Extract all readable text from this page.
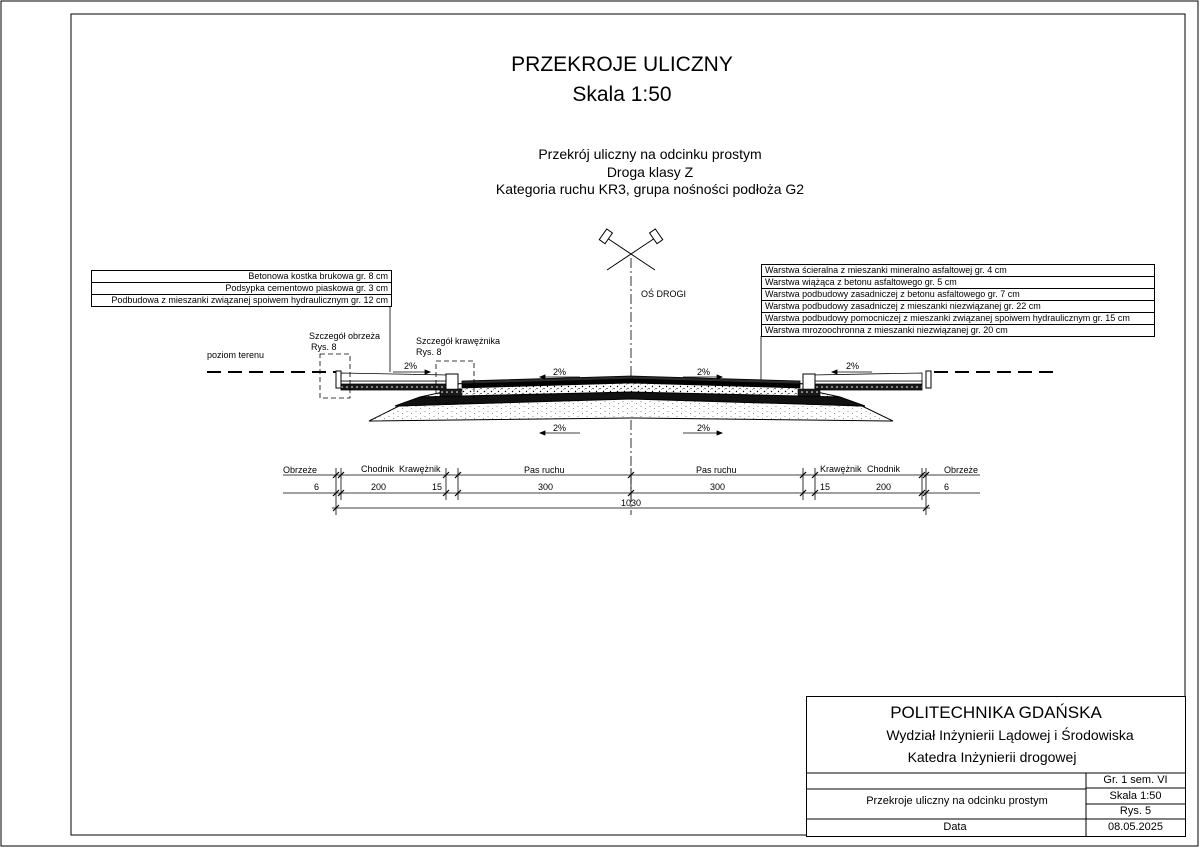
PRZEKROJE ULICZNY
Skala 1:50
Przekrój uliczny na odcinku prostym
Droga klasy Z
Kategoria ruchu KR3, grupa nośności podłoża G2
OŚ DROGI
Betonowa kostka brukowa gr. 8 cm
Podsypka cementowo piaskowa gr. 3 cm
Podbudowa z mieszanki związanej spoiwem hydraulicznym gr. 12 cm
Warstwa ścieralna z mieszanki mineralno asfaltowej gr. 4 cm
Warstwa wiążąca z betonu asfaltowego gr. 5 cm
Warstwa podbudowy zasadniczej z betonu asfaltowego gr. 7 cm
Warstwa podbudowy zasadniczej z mieszanki niezwiązanej gr. 22 cm
Warstwa podbudowy pomocniczej z mieszanki związanej spoiwem hydraulicznym gr. 15 cm
Warstwa mrozoochronna z mieszanki niezwiązanej gr. 20 cm
Szczegół obrzeża
Rys. 8
Szczegół krawężnika
Rys. 8
poziom terenu
2%
2%	2%
2%
2%	2%
Obrzeże	Chodnik Krawężnik	Pas ruchu	Pas ruchu	Krawężnik Chodnik	Obrzeże
6	200	15	300	300	15	200	6
1030
POLITECHNIKA GDAŃSKA
Wydział Inżynierii Lądowej i Środowiska
Katedra Inżynierii drogowej
Gr. 1 sem. VI
Przekroje uliczny na odcinku prostym	Skala 1:50
Rys. 5
Data	08.05.2025
